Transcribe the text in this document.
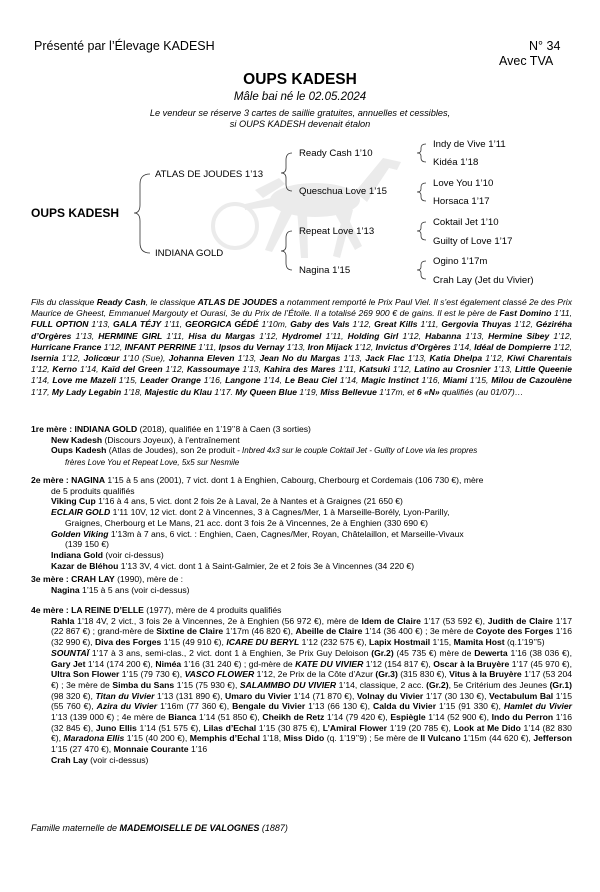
Présenté par l’Élevage KADESH	N° 34
Avec TVA
OUPS KADESH
Mâle bai né le 02.05.2024
Le vendeur se réserve 3 cartes de saillie gratuites, annuelles et cessibles,
si OUPS KADESH devenait étalon
OUPS KADESH
ATLAS DE JOUDES 1’13
INDIANA GOLD
Ready Cash 1’10
Queschua Love 1’15
Repeat Love 1’13
Nagina 1’15
Indy de Vive 1’11
Kidéa 1’18
Love You 1’10
Horsaca 1’17
Coktail Jet 1’10
Guilty of Love 1’17
Ogino 1’17m
Crah Lay (Jet du Vivier)
Fils du classique Ready Cash, le classique ATLAS DE JOUDES a notamment remporté le Prix Paul Viel. Il s’est également classé 2e des Prix Maurice de Gheest, Emmanuel Margouty et Ourasi, 3e du Prix de l’Étoile. Il a totalisé 269 900 € de gains. Il est le père de Fast Domino 1’11, FULL OPTION 1’13, GALA TÉJY 1’11, GEORGICA GÉDÉ 1’10m, Gaby des Vals 1’12, Great Kills 1’11, Gergovia Thuyas 1’12, Géziréha d’Orgères 1’13, HERMINE GIRL 1’11, Hisa du Margas 1’12, Hydromel 1’11, Holding Girl 1’12, Habanna 1’13, Hermine Sibey 1’12, Hurricane France 1’12, INFANT PERRINE 1’11, Ipsos du Vernay 1’13, Iron Mijack 1’12, Invictus d’Orgères 1’14, Idéal de Dompierre 1’12, Isernia 1’12, Jolicœur 1’10 (Sue), Johanna Eleven 1’13, Jean No du Margas 1’13, Jack Flac 1’13, Katia Dhelpa 1’12, Kiwi Charentais 1’12, Kerno 1’14, Kaïd del Green 1’12, Kassoumaye 1’13, Kahira des Mares 1’11, Katsuki 1’12, Latino au Crosnier 1’13, Little Queenie 1’14, Love me Mazeli 1’15, Leader Orange 1’16, Langone 1’14, Le Beau Ciel 1’14, Magic Instinct 1’16, Miami 1’15, Milou de Cazoulène 1’17, My Lady Legabin 1’18, Majestic du Klau 1’17. My Queen Blue 1’19, Miss Bellevue 1’17m, et 6 «N» qualifiés (au 01/07)…
1re mère : INDIANA GOLD (2018), qualifiée en 1’19’’8 à Caen (3 sorties)
New Kadesh (Discours Joyeux), à l’entraînement
Oups Kadesh (Atlas de Joudes), son 2e produit - Inbred 4x3 sur le couple Coktail Jet - Guilty of Love via les propres
frères Love You et Repeat Love, 5x5 sur Nesmile
2e mère : NAGINA 1’15 à 5 ans (2001), 7 vict. dont 1 à Enghien, Cabourg, Cherbourg et Cordemais (106 730 €), mère
de 5 produits qualifiés
Viking Cup 1’16 à 4 ans, 5 vict. dont 2 fois 2e à Laval, 2e à Nantes et à Graignes (21 650 €)
ECLAIR GOLD 1’11 10V, 12 vict. dont 2 à Vincennes, 3 à Cagnes/Mer, 1 à Marseille-Borély, Lyon-Parilly,
Graignes, Cherbourg et Le Mans, 21 acc. dont 3 fois 2e à Vincennes, 2e à Enghien (330 690 €)
Golden Viking 1’13m à 7 ans, 6 vict. : Enghien, Caen, Cagnes/Mer, Royan, Châtelaillon, et Marseille-Vivaux
(139 150 €)
Indiana Gold (voir ci-dessus)
Kazar de Bléhou 1’13 3V, 4 vict. dont 1 à Saint-Galmier, 2e et 2 fois 3e à Vincennes (34 220 €)
3e mère : CRAH LAY (1990), mère de :
Nagina 1’15 à 5 ans (voir ci-dessus)
4e mère : LA REINE D’ELLE (1977), mère de 4 produits qualifiés
Rahla 1’18 4V, 2 vict., 3 fois 2e à Vincennes, 2e à Enghien (56 972 €), mère de Idem de Claire 1’17 (53 592 €), Judith de Claire 1’17 (22 867 €) ; grand-mère de Sixtine de Claire 1’17m (46 820 €), Abeille de Claire 1’14 (36 400 €) ; 3e mère de Coyote des Forges 1’16 (32 990 €), Diva des Forges 1’15 (49 910 €), ICARE DU BERYL 1’12 (232 575 €), Lapix Hostmail 1’15, Mamita Host (q.1’19’’5)
SOUNTAÏ 1’17 à 3 ans, semi-clas., 2 vict. dont 1 à Enghien, 3e Prix Guy Deloison (Gr.2) (45 735 €) mère de Dewerta 1’16 (38 036 €), Gary Jet 1’14 (174 200 €), Niméa 1’16 (31 240 €) ; gd-mère de KATE DU VIVIER 1’12 (154 817 €), Oscar à la Bruyère 1’17 (45 970 €), Ultra Son Flower 1’15 (79 730 €), VASCO FLOWER 1’12, 2e Prix de la Côte d’Azur (Gr.3) (315 830 €), Vitus à la Bruyère 1’17 (53 204 €) ; 3e mère de Simba du Sans 1’15 (75 930 €), SALAMMBO DU VIVIER 1’14, classique, 2 acc. (Gr.2), 5e Critérium des Jeunes (Gr.1) (98 320 €), Titan du Vivier 1’13 (131 890 €), Umaro du Vivier 1’14 (71 870 €), Volnay du Vivier 1’17 (30 130 €), Vectabulum Bal 1’15 (55 760 €), Azira du Vivier 1’16m (77 360 €), Bengale du Vivier 1’13 (66 130 €), Calda du Vivier 1’15 (91 330 €), Hamlet du Vivier 1’13 (139 000 €) ; 4e mère de Bianca 1’14 (51 850 €), Cheikh de Retz 1’14 (79 420 €), Espiègle 1’14 (52 900 €), Indo du Perron 1’16 (32 845 €), Juno Ellis 1’14 (51 575 €), Lilas d’Echal 1’15 (30 875 €), L’Amiral Flower 1’19 (20 785 €), Look at Me Dido 1’14 (82 830 €), Maradona Ellis 1’15 (40 200 €), Memphis d’Echal 1’18, Miss Dido (q. 1’19’’9) ; 5e mère de Il Vulcano 1’15m (44 620 €), Jefferson 1’15 (27 470 €), Monnaie Courante 1’16
Crah Lay (voir ci-dessus)
Famille maternelle de MADEMOISELLE DE VALOGNES (1887)
